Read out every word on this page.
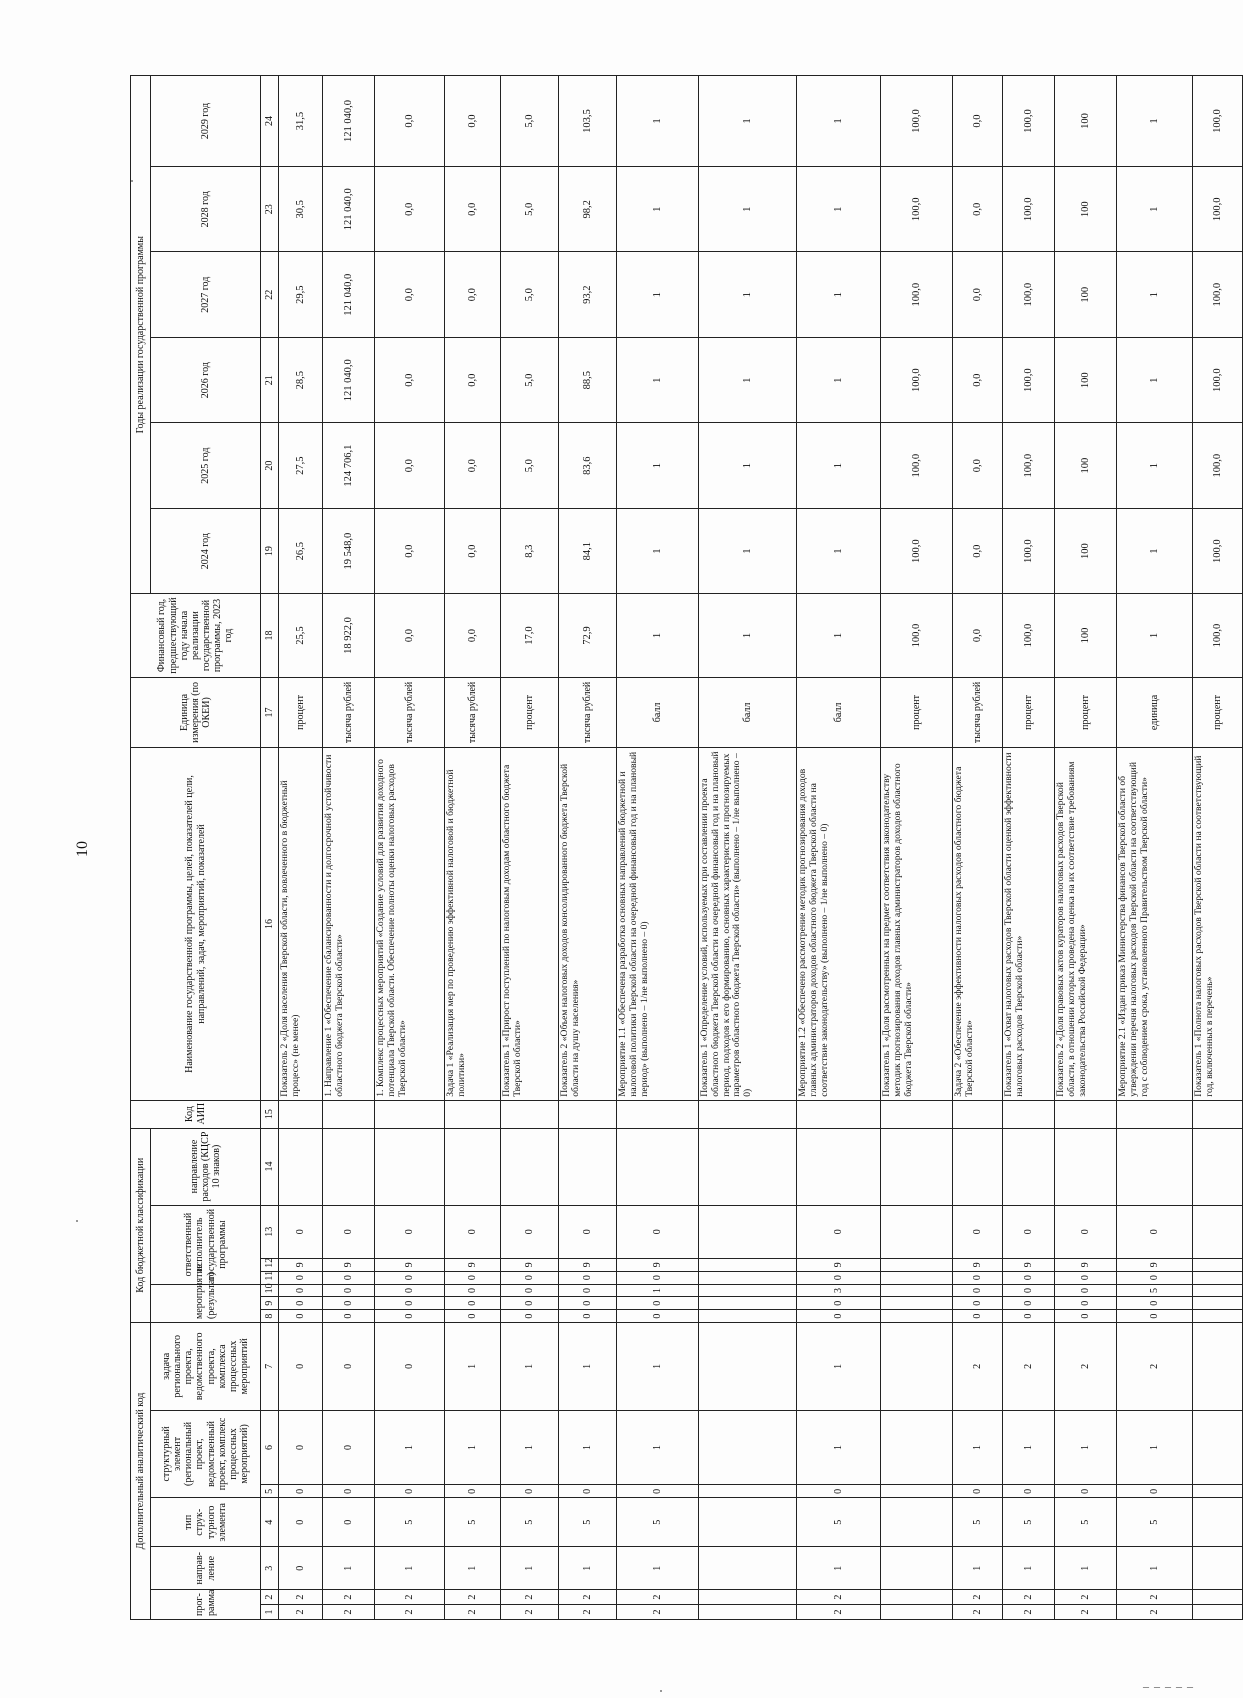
10
– – – – –
Дополнительный аналитический код							Код бюджетной классификации							Код АИП	Наименование государственной программы, целей, показателей цели, направлений, задач, мероприятий, показателей	Единица измерения (по ОКЕИ)	Финансовый год, предшествующий году начала реализации государственной программы, 2023 год	Годы реализации государственной программы					
прог-рамма		направ-ление	тип струк-турного элемента	структурный элемент (региональный проект, ведомственный проект, комплекс процессных мероприятий)		задача регионального проекта, ведомственного проекта, комплекса процессных мероприятий	мероприятие (результат)			ответственный исполнитель государственной программы			направление расходов (КЦСР 10 знаков)					2024 год	2025 год	2026 год	2027 год	2028 год	2029 год

1	2	3	4	5	6	7	8	9	10	11	12	13	14	15	16	17	18	19	20	21	22	23	24
2	2	0	0	0	0	0	0	0	0	0	9	0			Показатель 2 «Доля населения Тверской области, вовлеченного в бюджетный процесс» (не менее)	процент	25,5	26,5	27,5	28,5	29,5	30,5	31,5
2	2	1	0	0	0	0	0	0	0	0	9	0			1. Направление 1 «Обеспечение сбалансированности и долгосрочной устойчивости областного бюджета Тверской области»	тысяча рублей	18 922,0	19 548,0	124 706,1	121 040,0	121 040,0	121 040,0	121 040,0
2	2	1	5	0	1	0	0	0	0	0	9	0			1. Комплекс процессных мероприятий «Создание условий для развития доходного потенциала Тверской области. Обеспечение полноты оценки налоговых расходов Тверской области»	тысяча рублей	0,0	0,0	0,0	0,0	0,0	0,0	0,0
2	2	1	5	0	1	1	0	0	0	0	9	0			Задача 1 «Реализация мер по проведению эффективной налоговой и бюджетной политики»	тысяча рублей	0,0	0,0	0,0	0,0	0,0	0,0	0,0
2	2	1	5	0	1	1	0	0	0	0	9	0			Показатель 1 «Прирост поступлений по налоговым доходам областного бюджета Тверской области»	процент	17,0	8,3	5,0	5,0	5,0	5,0	5,0
2	2	1	5	0	1	1	0	0	0	0	9	0			Показатель 2 «Объем налоговых доходов консолидированного бюджета Тверской области на душу населения»	тысяча рублей	72,9	84,1	83,6	88,5	93,2	98,2	103,5
2	2	1	5	0	1	1	0	0	1	0	9	0			Мероприятие 1.1 «Обеспечена разработка основных направлений бюджетной и налоговой политики Тверской области на очередной финансовый год и на плановый период» (выполнено – 1/не выполнено – 0)	балл	1	1	1	1	1	1	1
															Показатель 1 «Определение условий, используемых при составлении проекта областного бюджета Тверской области на очередной финансовый год и на плановый период, подходов к его формированию, основных характеристик и прогнозируемых параметров областного бюджета Тверской области» (выполнено – 1/не выполнено – 0)	балл	1	1	1	1	1	1	1
2	2	1	5	0	1	1	0	0	3	0	9	0			Мероприятие 1.2 «Обеспечено рассмотрение методик прогнозирования доходов главных администраторов доходов областного бюджета Тверской области на соответствие законодательству» (выполнено – 1/не выполнено – 0)	балл	1	1	1	1	1	1	1
															Показатель 1 «Доля рассмотренных на предмет соответствия законодательству методик прогнозирования доходов главных администраторов доходов областного бюджета Тверской области»	процент	100,0	100,0	100,0	100,0	100,0	100,0	100,0
2	2	1	5	0	1	2	0	0	0	0	9	0			Задача 2 «Обеспечение эффективности налоговых расходов областного бюджета Тверской области»	тысяча рублей	0,0	0,0	0,0	0,0	0,0	0,0	0,0
2	2	1	5	0	1	2	0	0	0	0	9	0			Показатель 1 «Охват налоговых расходов Тверской области оценкой эффективности налоговых расходов Тверской области»	процент	100,0	100,0	100,0	100,0	100,0	100,0	100,0
2	2	1	5	0	1	2	0	0	0	0	9	0			Показатель 2 «Доля правовых актов кураторов налоговых расходов Тверской области, в отношении которых проведена оценка на их соответствие требованиям законодательства Российской Федерации»	процент	100	100	100	100	100	100	100
2	2	1	5	0	1	2	0	0	5	0	9	0			Мероприятие 2.1 «Издан приказ Министерства финансов Тверской области об утверждении перечня налоговых расходов Тверской области на соответствующий год с соблюдением срока, установленного Правительством Тверской области»	единица	1	1	1	1	1	1	1
															Показатель 1 «Полнота налоговых расходов Тверской области на соответствующий год, включенных в перечень»	процент	100,0	100,0	100,0	100,0	100,0	100,0	100,0
